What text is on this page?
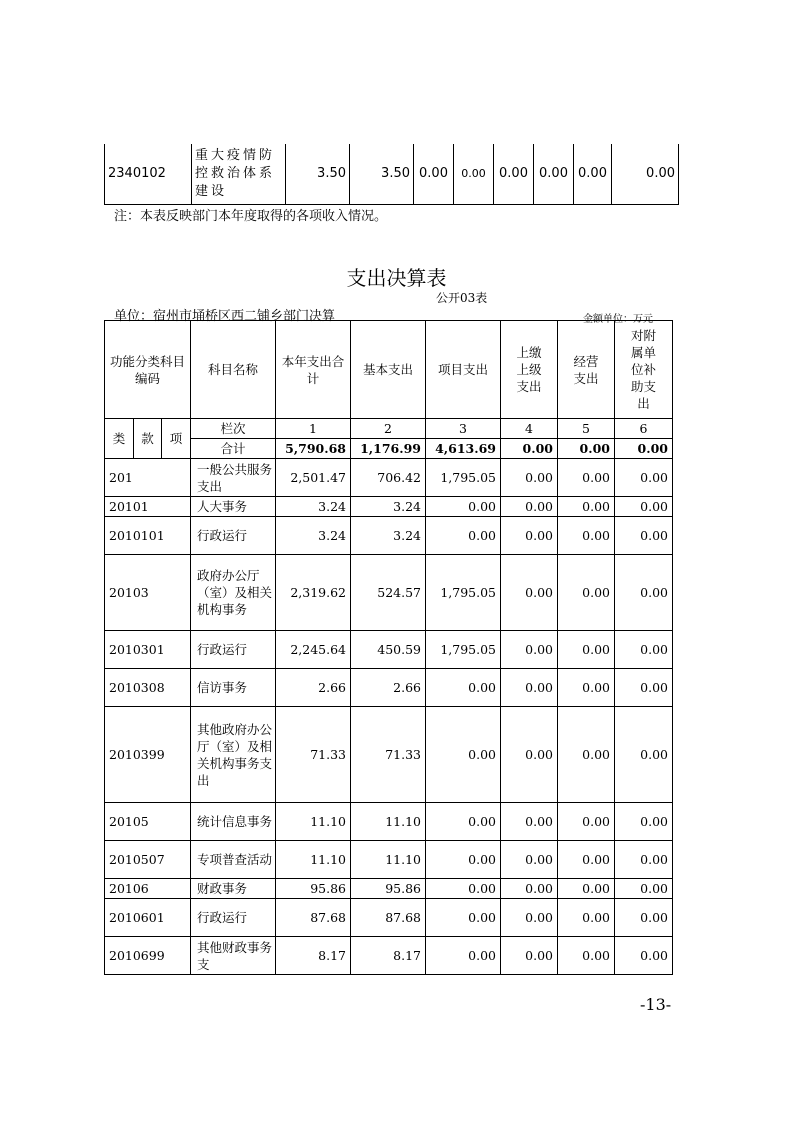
2340102	重大疫情防控救治体系建设	3.50	3.50	0.00	0.00	0.00	0.00	0.00	0.00
注：本表反映部门本年度取得的各项收入情况。
支出决算表
公开03表
单位：宿州市埇桥区西二铺乡部门决算	金额单位：万元
功能分类科目编码			科目名称	本年支出合计	基本支出	项目支出	上缴上级支出	经营支出	对附属单位补助支出
类	款	项	栏次	1	2	3	4	5	6
			合计	5,790.68	1,176.99	4,613.69	0.00	0.00	0.00
201			一般公共服务支出	2,501.47	706.42	1,795.05	0.00	0.00	0.00
20101			人大事务	3.24	3.24	0.00	0.00	0.00	0.00
2010101			行政运行	3.24	3.24	0.00	0.00	0.00	0.00
20103			政府办公厅（室）及相关机构事务	2,319.62	524.57	1,795.05	0.00	0.00	0.00
2010301			行政运行	2,245.64	450.59	1,795.05	0.00	0.00	0.00
2010308			信访事务	2.66	2.66	0.00	0.00	0.00	0.00
2010399			其他政府办公厅（室）及相关机构事务支出	71.33	71.33	0.00	0.00	0.00	0.00
20105			统计信息事务	11.10	11.10	0.00	0.00	0.00	0.00
2010507			专项普查活动	11.10	11.10	0.00	0.00	0.00	0.00
20106			财政事务	95.86	95.86	0.00	0.00	0.00	0.00
2010601			行政运行	87.68	87.68	0.00	0.00	0.00	0.00
2010699			其他财政事务支	8.17	8.17	0.00	0.00	0.00	0.00
-13-
